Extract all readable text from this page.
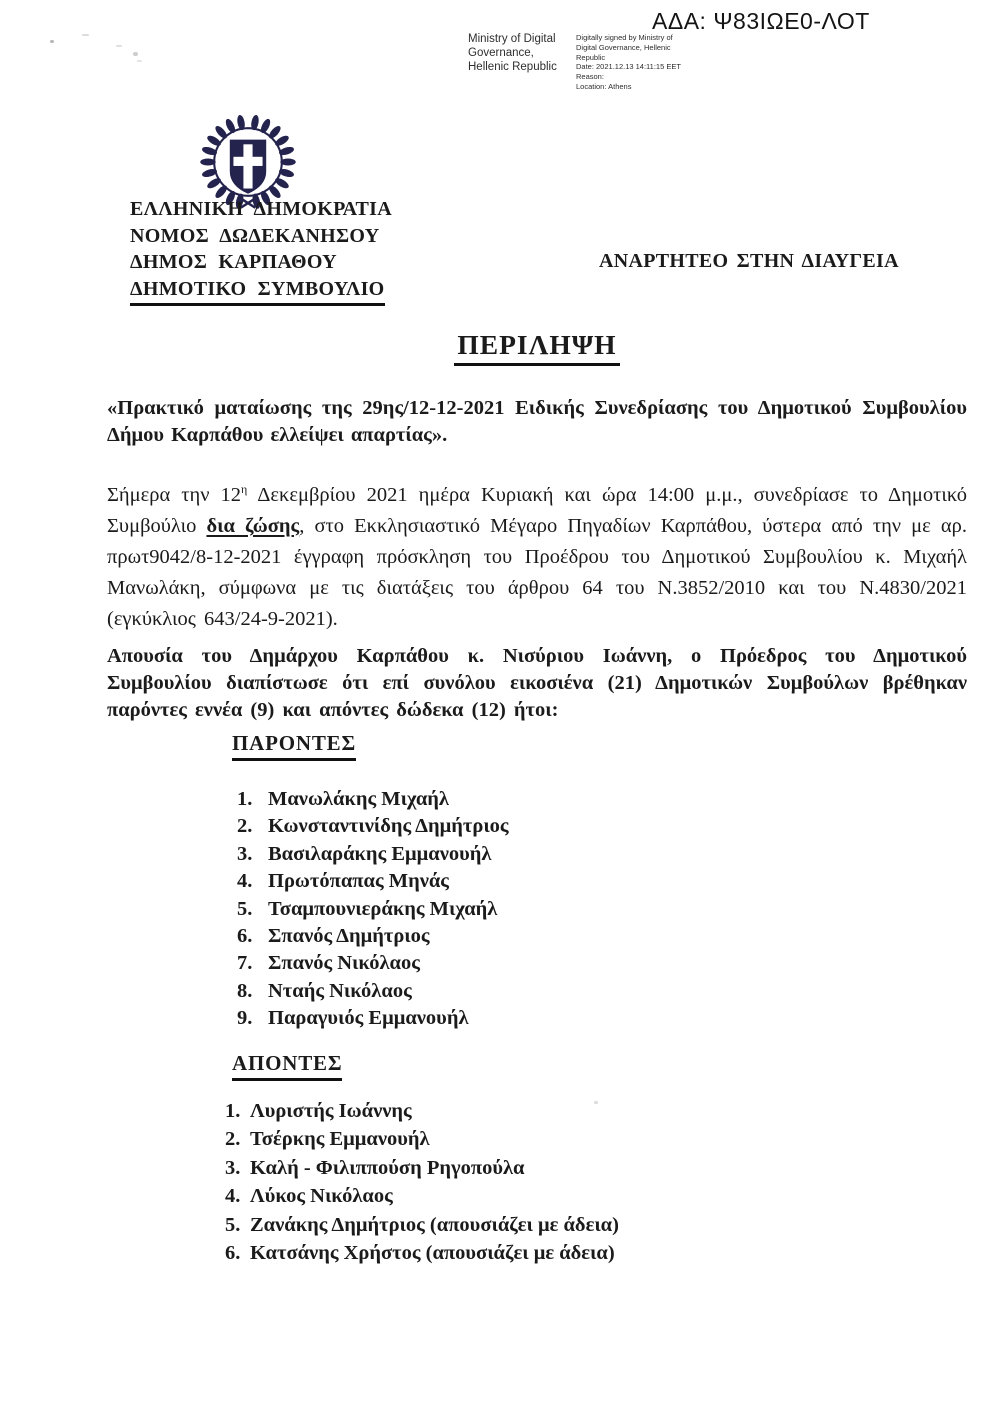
ΑΔΑ: Ψ83ΙΩΕ0-ΛΟΤ
Ministry of Digital Governance, Hellenic Republic
Digitally signed by Ministry of Digital Governance, Hellenic Republic
Date: 2021.12.13 14:11:15 EET
Reason:
Location: Athens
ΕΛΛΗΝΙΚΗ ΔΗΜΟΚΡΑΤΙΑ
ΝΟΜΟΣ ΔΩΔΕΚΑΝΗΣΟΥ
ΔΗΜΟΣ ΚΑΡΠΑΘΟΥ
ΔΗΜΟΤΙΚΟ ΣΥΜΒΟΥΛΙΟ
ΑΝΑΡΤΗΤΕΟ ΣΤΗΝ ΔΙΑΥΓΕΙΑ
ΠΕΡΙΛΗΨΗ

«Πρακτικό ματαίωσης της 29ης/12-12-2021 Ειδικής Συνεδρίασης του Δημοτικού Συμβουλίου Δήμου Καρπάθου ελλείψει απαρτίας».

Σήμερα την $12^\eta$ Δεκεμβρίου 2021 ημέρα Κυριακή και ώρα 14:00 μ.μ., συνεδρίασε το Δημοτικό Συμβούλιο δια ζώσης, στο Εκκλησιαστικό Μέγαρο Πηγαδίων Καρπάθου, ύστερα από την με αρ. πρωτ9042/8-12-2021 έγγραφη πρόσκληση του Προέδρου του Δημοτικού Συμβουλίου κ. Μιχαήλ Μανωλάκη, σύμφωνα με τις διατάξεις του άρθρου 64 του Ν.3852/2010 και του Ν.4830/2021 (εγκύκλιος 643/24-9-2021).

Απουσία του Δημάρχου Καρπάθου κ. Νισύριου Ιωάννη, ο Πρόεδρος του Δημοτικού Συμβουλίου διαπίστωσε ότι επί συνόλου εικοσιένα (21) Δημοτικών Συμβούλων βρέθηκαν παρόντες εννέα (9) και απόντες δώδεκα (12) ήτοι:

ΠΑΡΟΝΤΕΣ
1. Μανωλάκης Μιχαήλ
2. Κωνσταντινίδης Δημήτριος
3. Βασιλαράκης Εμμανουήλ
4. Πρωτόπαπας Μηνάς
5. Τσαμπουνιεράκης Μιχαήλ
6. Σπανός Δημήτριος
7. Σπανός Νικόλαος
8. Νταής Νικόλαος
9. Παραγυιός Εμμανουήλ
ΑΠΟΝΤΕΣ
1. Λυριστής Ιωάννης
2. Τσέρκης Εμμανουήλ
3. Καλή - Φιλιππούση Ρηγοπούλα
4. Λύκος Νικόλαος
5. Ζανάκης Δημήτριος (απουσιάζει με άδεια)
6. Κατσάνης Χρήστος (απουσιάζει με άδεια)
